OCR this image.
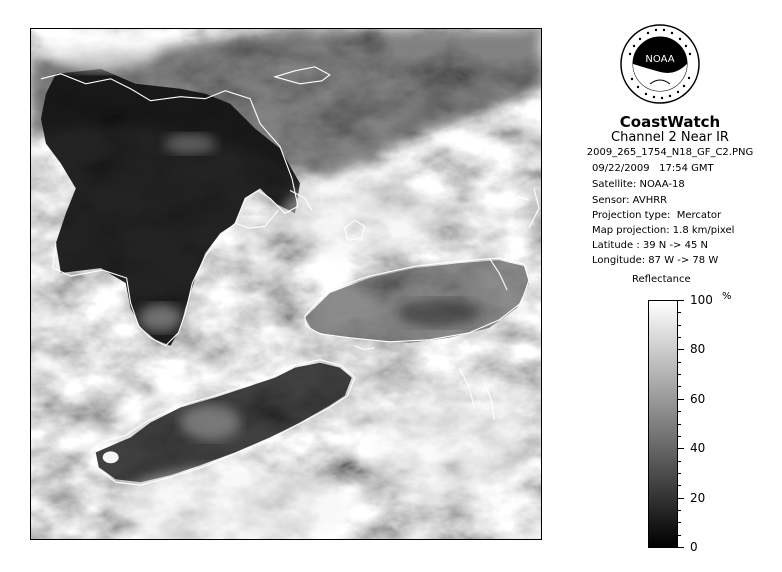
NOAA
CoastWatch
Channel 2 Near IR
2009_265_1754_N18_GF_C2.PNG
09/22/2009   17:54 GMT
Satellite: NOAA-18
Sensor: AVHRR
Projection type:  Mercator
Map projection: 1.8 km/pixel
Latitude : 39 N -> 45 N
Longitude: 87 W -> 78 W
Reflectance
%
100
80
60
40
20
0
